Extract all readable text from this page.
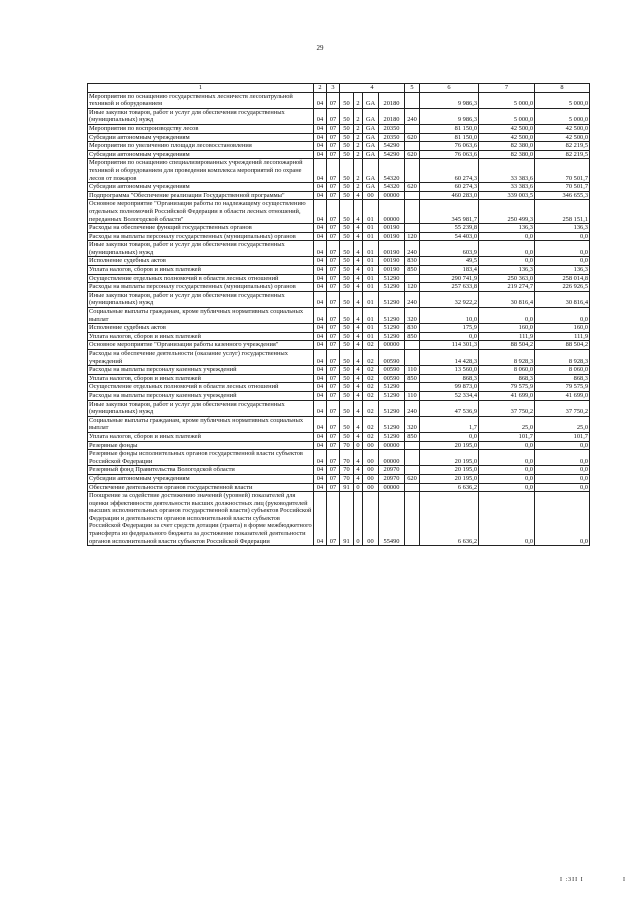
29
1	2	3	4				5	6	7	8
Мероприятия по оснащению государственных лесничеств лесопатрульной техникой и оборудованием	04	07	50	2	GA	20180		9 986,3	5 000,0	5 000,0
Иные закупки товаров, работ и услуг для обеспечения государственных (муниципальных) нужд	04	07	50	2	GA	20180	240	9 986,3	5 000,0	5 000,0
Мероприятия по воспроизводству лесов	04	07	50	2	GA	20350		81 150,0	42 500,0	42 500,0
Субсидии автономным учреждениям	04	07	50	2	GA	20350	620	81 150,0	42 500,0	42 500,0
Мероприятия по увеличению площади лесовосстановления	04	07	50	2	GA	54290		76 063,6	82 380,0	82 219,5
Субсидии автономным учреждениям	04	07	50	2	GA	54290	620	76 063,6	82 380,0	82 219,5
Мероприятия по оснащению специализированных учреждений лесопожарной техникой и оборудованием для проведения комплекса мероприятий по охране лесов от пожаров	04	07	50	2	GA	54320		60 274,3	33 383,6	70 501,7
Субсидии автономным учреждениям	04	07	50	2	GA	54320	620	60 274,3	33 383,6	70 501,7
Подпрограмма "Обеспечение реализации Государственной программы"	04	07	50	4	00	00000		460 283,0	339 003,5	346 655,3
Основное мероприятие "Организация работы по надлежащему осуществлению отдельных полномочий Российской Федерации в области лесных отношений, переданных Вологодской области"	04	07	50	4	01	00000		345 981,7	250 499,3	258 151,1
Расходы на обеспечение функций государственных органов	04	07	50	4	01	00190		55 239,8	136,3	136,3
Расходы на выплаты персоналу государственных (муниципальных) органов	04	07	50	4	01	00190	120	54 403,0	0,0	0,0
Иные закупки товаров, работ и услуг для обеспечения государственных (муниципальных) нужд	04	07	50	4	01	00190	240	603,9	0,0	0,0
Исполнение судебных актов	04	07	50	4	01	00190	830	49,5	0,0	0,0
Уплата налогов, сборов и иных платежей	04	07	50	4	01	00190	850	183,4	136,3	136,3
Осуществление отдельных полномочий в области лесных отношений	04	07	50	4	01	51290		290 741,9	250 363,0	258 014,8
Расходы на выплаты персоналу государственных (муниципальных) органов	04	07	50	4	01	51290	120	257 633,8	219 274,7	226 926,5
Иные закупки товаров, работ и услуг для обеспечения государственных (муниципальных) нужд	04	07	50	4	01	51290	240	32 922,2	30 816,4	30 816,4
Социальные выплаты гражданам, кроме публичных нормативных социальных выплат	04	07	50	4	01	51290	320	10,0	0,0	0,0
Исполнение судебных актов	04	07	50	4	01	51290	830	175,9	160,0	160,0
Уплата налогов, сборов и иных платежей	04	07	50	4	01	51290	850	0,0	111,9	111,9
Основное мероприятие "Организация работы казенного учреждения"	04	07	50	4	02	00000		114 301,3	88 504,2	88 504,2
Расходы на обеспечение деятельности (оказание услуг) государственных учреждений	04	07	50	4	02	00590		14 428,3	8 928,3	8 928,3
Расходы на выплаты персоналу казенных учреждений	04	07	50	4	02	00590	110	13 560,0	8 060,0	8 060,0
Уплата налогов, сборов и иных платежей	04	07	50	4	02	00590	850	868,3	868,3	868,3
Осуществление отдельных полномочий в области лесных отношений	04	07	50	4	02	51290		99 873,0	79 575,9	79 575,9
Расходы на выплаты персоналу казенных учреждений	04	07	50	4	02	51290	110	52 334,4	41 699,0	41 699,0
Иные закупки товаров, работ и услуг для обеспечения государственных (муниципальных) нужд	04	07	50	4	02	51290	240	47 536,9	37 750,2	37 750,2
Социальные выплаты гражданам, кроме публичных нормативных социальных выплат	04	07	50	4	02	51290	320	1,7	25,0	25,0
Уплата налогов, сборов и иных платежей	04	07	50	4	02	51290	850	0,0	101,7	101,7
Резервные фонды	04	07	70	0	00	00000		20 195,0	0,0	0,0
Резервные фонды исполнительных органов государственной власти субъектов Российской Федерации	04	07	70	4	00	00000		20 195,0	0,0	0,0
Резервный фонд Правительства Вологодской области	04	07	70	4	00	20970		20 195,0	0,0	0,0
Субсидии автономным учреждениям	04	07	70	4	00	20970	620	20 195,0	0,0	0,0
Обеспечение деятельности органов государственной власти	04	07	91	0	00	00000		6 636,2	0,0	0,0
Поощрение за содействие достижению значений (уровней) показателей для оценки эффективности деятельности высших должностных лиц (руководителей высших исполнительных органов государственной власти) субъектов Российской Федерации и деятельности органов исполнительной власти субъектов Российской Федерации за счет средств дотации (гранта) в форме межбюджетного трансферта из федерального бюджета за достижение показателей деятельности органов исполнительной власти субъектов Российской Федерации	04	07	91	0	00	55490		6 636,2	0,0	0,0
I :3II I	I
